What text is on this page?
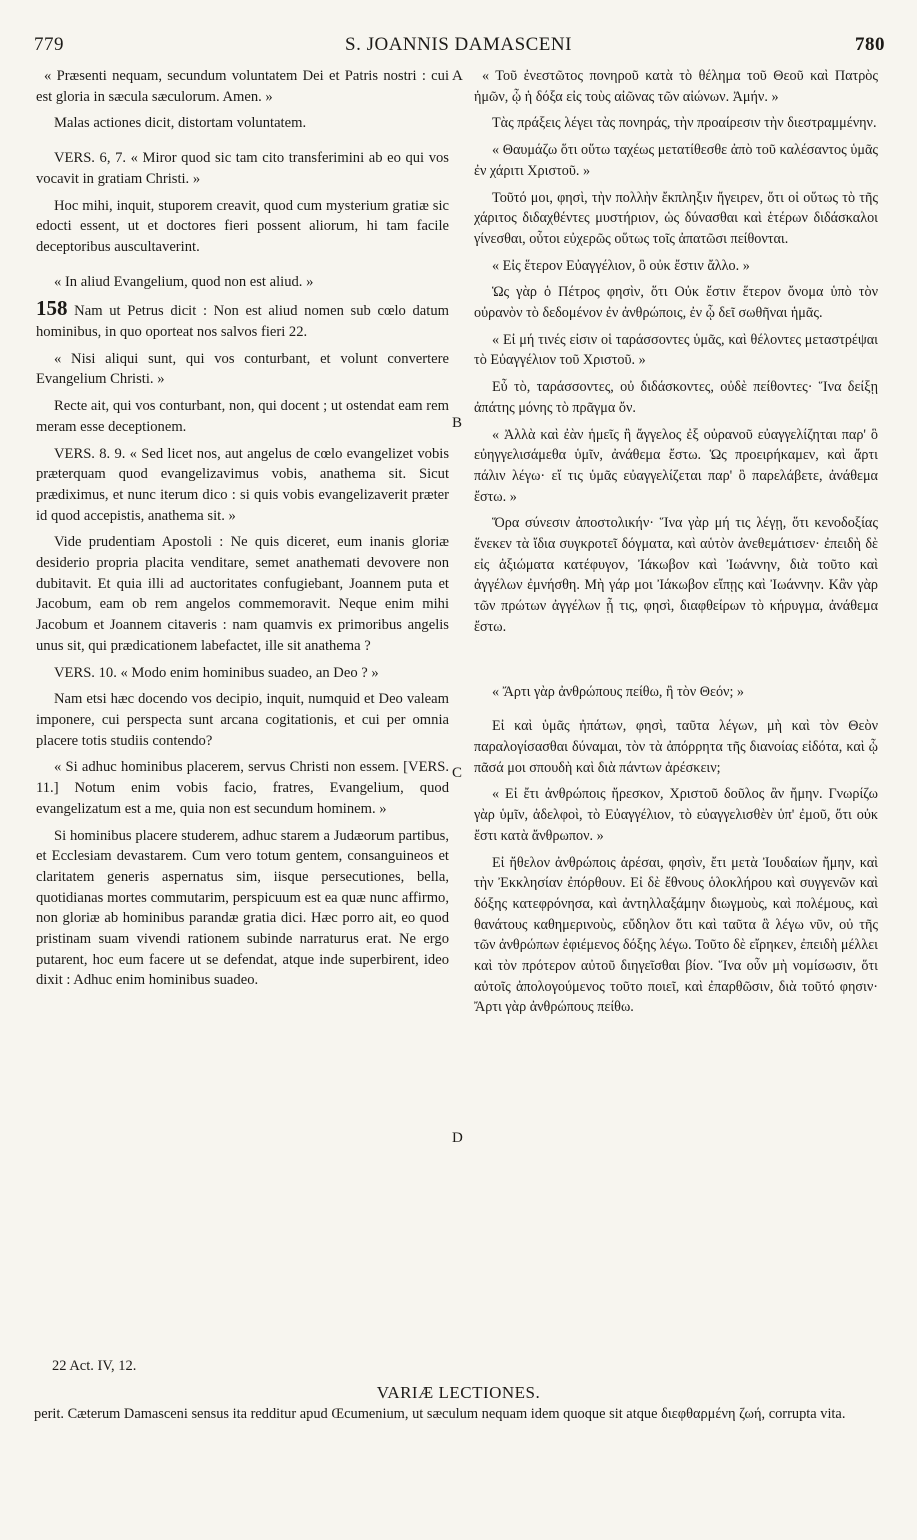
779	S. JOANNIS DAMASCENI	780
A
B
C
D

« Præsenti nequam, secundum voluntatem Dei et Patris nostri : cui est gloria in sæcula sæculorum. Amen. »

Malas actiones dicit, distortam voluntatem.

VERS. 6, 7. « Miror quod sic tam cito transferimini ab eo qui vos vocavit in gratiam Christi. »

Hoc mihi, inquit, stuporem creavit, quod cum mysterium gratiæ sic edocti essent, ut et doctores fieri possent aliorum, hi tam facile deceptoribus auscultaverint.

« In aliud Evangelium, quod non est aliud. »

158 Nam ut Petrus dicit : Non est aliud nomen sub cœlo datum hominibus, in quo oporteat nos salvos fieri 22.

« Nisi aliqui sunt, qui vos conturbant, et volunt convertere Evangelium Christi. »

Recte ait, qui vos conturbant, non, qui docent ; ut ostendat eam rem meram esse deceptionem.

VERS. 8. 9. « Sed licet nos, aut angelus de cœlo evangelizet vobis præterquam quod evangelizavimus vobis, anathema sit. Sicut prædiximus, et nunc iterum dico : si quis vobis evangelizaverit præter id quod accepistis, anathema sit. »

Vide prudentiam Apostoli : Ne quis diceret, eum inanis gloriæ desiderio propria placita venditare, semet anathemati devovere non dubitavit. Et quia illi ad auctoritates confugiebant, Joannem puta et Jacobum, eam ob rem angelos commemoravit. Neque enim mihi Jacobum et Joannem citaveris : nam quamvis ex primoribus angelis unus sit, qui prædicationem labefactet, ille sit anathema ?

VERS. 10. « Modo enim hominibus suadeo, an Deo ? »

Nam etsi hæc docendo vos decipio, inquit, numquid et Deo valeam imponere, cui perspecta sunt arcana cogitationis, et cui per omnia placere totis studiis contendo?

« Si adhuc hominibus placerem, servus Christi non essem. [VERS. 11.] Notum enim vobis facio, fratres, Evangelium, quod evangelizatum est a me, quia non est secundum hominem. »

Si hominibus placere studerem, adhuc starem a Judæorum partibus, et Ecclesiam devastarem. Cum vero totum gentem, consanguineos et claritatem generis aspernatus sim, iisque persecutiones, bella, quotidianas mortes commutarim, perspicuum est ea quæ nunc affirmo, non gloriæ ab hominibus parandæ gratia dici. Hæc porro ait, eo quod pristinam suam vivendi rationem subinde narraturus erat. Ne ergo putarent, hoc eum facere ut se defendat, atque inde superbirent, ideo dixit : Adhuc enim hominibus suadeo.

« Τοῦ ἐνεστῶτος πονηροῦ κατὰ τὸ θέλημα τοῦ Θεοῦ καὶ Πατρὸς ἡμῶν, ᾧ ἡ δόξα εἰς τοὺς αἰῶνας τῶν αἰώνων. Ἀμήν. »

Τὰς πράξεις λέγει τὰς πονηράς, τὴν προαίρεσιν τὴν διεστραμμένην.

« Θαυμάζω ὅτι οὕτω ταχέως μετατίθεσθε ἀπὸ τοῦ καλέσαντος ὑμᾶς ἐν χάριτι Χριστοῦ. »

Τοῦτό μοι, φησὶ, τὴν πολλὴν ἔκπληξιν ἤγειρεν, ὅτι οἱ οὕτως τὸ τῆς χάριτος διδαχθέντες μυστήριον, ὡς δύνασθαι καὶ ἑτέρων διδάσκαλοι γίνεσθαι, οὗτοι εὐχερῶς οὕτως τοῖς ἀπατῶσι πείθονται.

« Εἰς ἕτερον Εὐαγγέλιον, ὃ οὐκ ἔστιν ἄλλο. »

Ὡς γὰρ ὁ Πέτρος φησὶν, ὅτι Οὐκ ἔστιν ἕτερον ὄνομα ὑπὸ τὸν οὐρανὸν τὸ δεδομένον ἐν ἀνθρώποις, ἐν ᾧ δεῖ σωθῆναι ἡμᾶς.

« Εἰ μή τινές εἰσιν οἱ ταράσσοντες ὑμᾶς, καὶ θέλοντες μεταστρέψαι τὸ Εὐαγγέλιον τοῦ Χριστοῦ. »

Εὖ τὸ, ταράσσοντες, οὐ διδάσκοντες, οὐδὲ πείθοντες· Ἵνα δείξῃ ἀπάτης μόνης τὸ πρᾶγμα ὄν.

« Ἀλλὰ καὶ ἐὰν ἡμεῖς ἢ ἄγγελος ἐξ οὐρανοῦ εὐαγγελίζηται παρ' ὃ εὐηγγελισάμεθα ὑμῖν, ἀνάθεμα ἔστω. Ὡς προειρήκαμεν, καὶ ἄρτι πάλιν λέγω· εἴ τις ὑμᾶς εὐαγγελίζεται παρ' ὃ παρελάβετε, ἀνάθεμα ἔστω. »

Ὅρα σύνεσιν ἀποστολικήν· Ἵνα γὰρ μή τις λέγῃ, ὅτι κενοδοξίας ἕνεκεν τὰ ἴδια συγκροτεῖ δόγματα, καὶ αὑτὸν ἀνεθεμάτισεν· ἐπειδὴ δὲ εἰς ἀξιώματα κατέφυγον, Ἰάκωβον καὶ Ἰωάννην, διὰ τοῦτο καὶ ἀγγέλων ἐμνήσθη. Μὴ γάρ μοι Ἰάκωβον εἴπῃς καὶ Ἰωάννην. Κἂν γὰρ τῶν πρώτων ἀγγέλων ᾖ τις, φησὶ, διαφθείρων τὸ κήρυγμα, ἀνάθεμα ἔστω.

« Ἄρτι γὰρ ἀνθρώπους πείθω, ἢ τὸν Θεόν; »

Εἰ καὶ ὑμᾶς ἠπάτων, φησὶ, ταῦτα λέγων, μὴ καὶ τὸν Θεὸν παραλογίσασθαι δύναμαι, τὸν τὰ ἀπόρρητα τῆς διανοίας εἰδότα, καὶ ᾧ πᾶσά μοι σπουδὴ καὶ διὰ πάντων ἀρέσκειν;

« Εἰ ἔτι ἀνθρώποις ἤρεσκον, Χριστοῦ δοῦλος ἂν ἤμην. Γνωρίζω γὰρ ὑμῖν, ἀδελφοὶ, τὸ Εὐαγγέλιον, τὸ εὐαγγελισθὲν ὑπ' ἐμοῦ, ὅτι οὐκ ἔστι κατὰ ἄνθρωπον. »

Εἰ ἤθελον ἀνθρώποις ἀρέσαι, φησὶν, ἔτι μετὰ Ἰουδαίων ἤμην, καὶ τὴν Ἐκκλησίαν ἐπόρθουν. Εἰ δὲ ἔθνους ὁλοκλήρου καὶ συγγενῶν καὶ δόξης κατεφρόνησα, καὶ ἀντηλλαξάμην διωγμοὺς, καὶ πολέμους, καὶ θανάτους καθημερινοὺς, εὔδηλον ὅτι καὶ ταῦτα ἃ λέγω νῦν, οὐ τῆς τῶν ἀνθρώπων ἐφιέμενος δόξης λέγω. Τοῦτο δὲ εἴρηκεν, ἐπειδὴ μέλλει καὶ τὸν πρότερον αὐτοῦ διηγεῖσθαι βίον. Ἵνα οὖν μὴ νομίσωσιν, ὅτι αὐτοῖς ἀπολογούμενος τοῦτο ποιεῖ, καὶ ἐπαρθῶσιν, διὰ τοῦτό φησιν· Ἄρτι γὰρ ἀνθρώπους πείθω.

22 Act. IV, 12.
VARIÆ LECTIONES.
perit. Cæterum Damasceni sensus ita redditur apud Œcumenium, ut sæculum nequam idem quoque sit atque διεφθαρμένη ζωή, corrupta vita.
